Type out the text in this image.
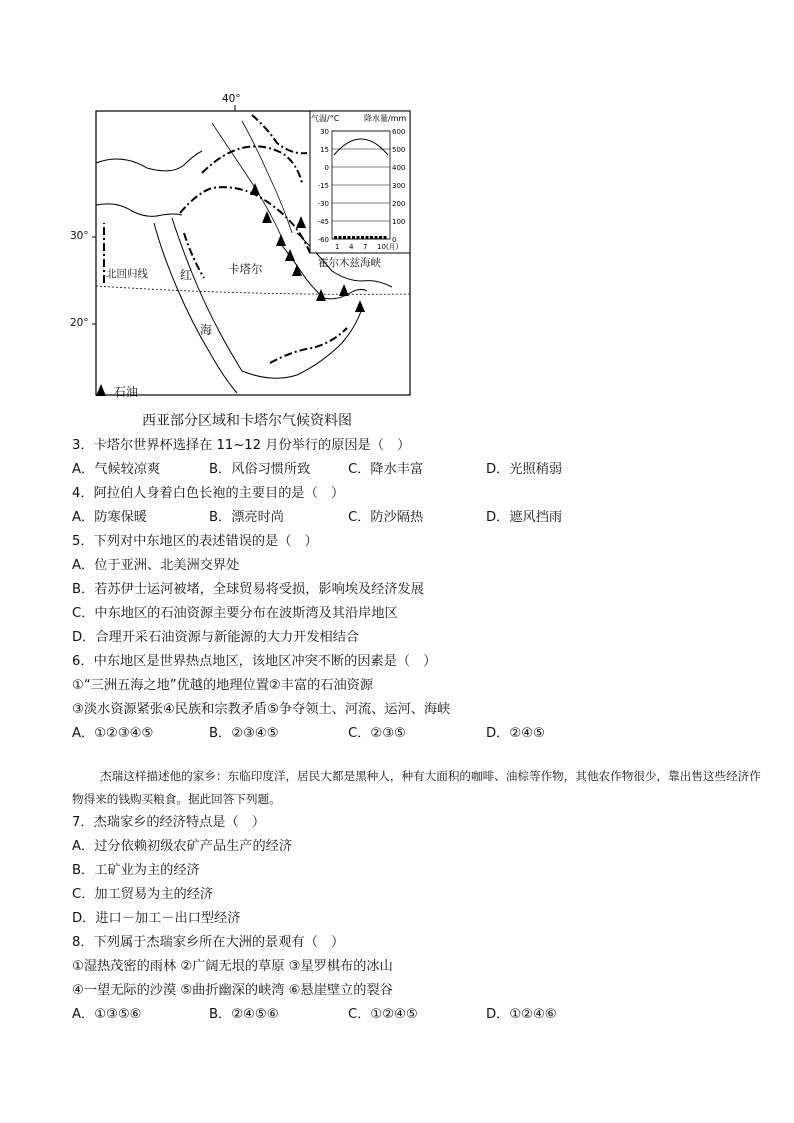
气温/°C	降水量/mm
30	600
15	500
0	400
-15	300
-30	200
-45	100
-60	0
1 4 7 10(月)
40°
30°
20°
北回归线	红
海
卡塔尔	霍尔木兹海峡
石油
西亚部分区域和卡塔尔气候资料图
3．卡塔尔世界杯选择在 11~12 月份举行的原因是（　）
A．气候较凉爽	B．风俗习惯所致	C．降水丰富	D．光照稍弱
4．阿拉伯人身着白色长袍的主要目的是（　）
A．防寒保暖	B．漂亮时尚	C．防沙隔热	D．遮风挡雨
5．下列对中东地区的表述错误的是（　）
A．位于亚洲、北美洲交界处
B．若苏伊士运河被堵，全球贸易将受损，影响埃及经济发展
C．中东地区的石油资源主要分布在波斯湾及其沿岸地区
D．合理开采石油资源与新能源的大力开发相结合
6．中东地区是世界热点地区，该地区冲突不断的因素是（　）
①“三洲五海之地”优越的地理位置②丰富的石油资源
③淡水资源紧张④民族和宗教矛盾⑤争夺领土、河流、运河、海峡
A．①②③④⑤	B．②③④⑤	C．②③⑤	D．②④⑤
杰瑞这样描述他的家乡：东临印度洋，居民大都是黑种人，种有大面积的咖啡、油棕等作物，其他农作物很少，靠出售这些经济作物得来的钱购买粮食。据此回答下列题。
7．杰瑞家乡的经济特点是（　）
A．过分依赖初级农矿产品生产的经济
B．工矿业为主的经济
C．加工贸易为主的经济
D．进口－加工－出口型经济
8．下列属于杰瑞家乡所在大洲的景观有（　）
①湿热茂密的雨林 ②广阔无垠的草原 ③星罗棋布的冰山
④一望无际的沙漠 ⑤曲折幽深的峡湾 ⑥悬崖壁立的裂谷
A．①③⑤⑥	B．②④⑤⑥	C．①②④⑤	D．①②④⑥
